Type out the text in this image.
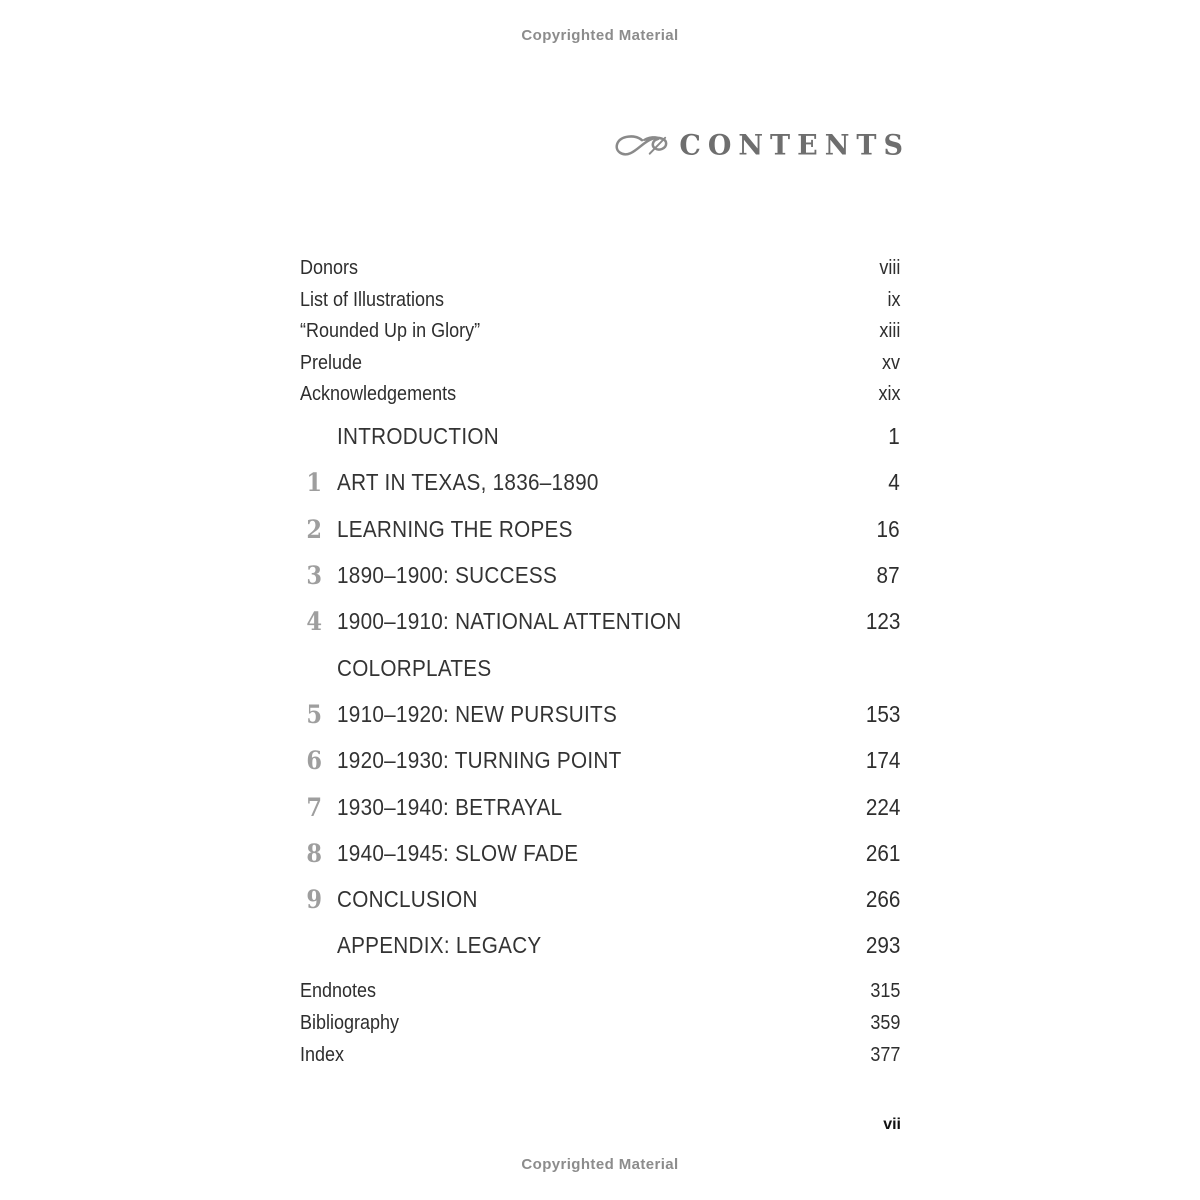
Copyrighted Material
CONTENTS
Donors	viii
List of Illustrations	ix
“Rounded Up in Glory”	xiii
Prelude	xv
Acknowledgements	xix
INTRODUCTION	1
1 ART IN TEXAS, 1836–1890	4
2 LEARNING THE ROPES	16
3 1890–1900: SUCCESS	87
4 1900–1910: NATIONAL ATTENTION	123
COLORPLATES
5 1910–1920: NEW PURSUITS	153
6 1920–1930: TURNING POINT	174
7 1930–1940: BETRAYAL	224
8 1940–1945: SLOW FADE	261
9 CONCLUSION	266
APPENDIX: LEGACY	293
Endnotes	315
Bibliography	359
Index	377
vii
Copyrighted Material
